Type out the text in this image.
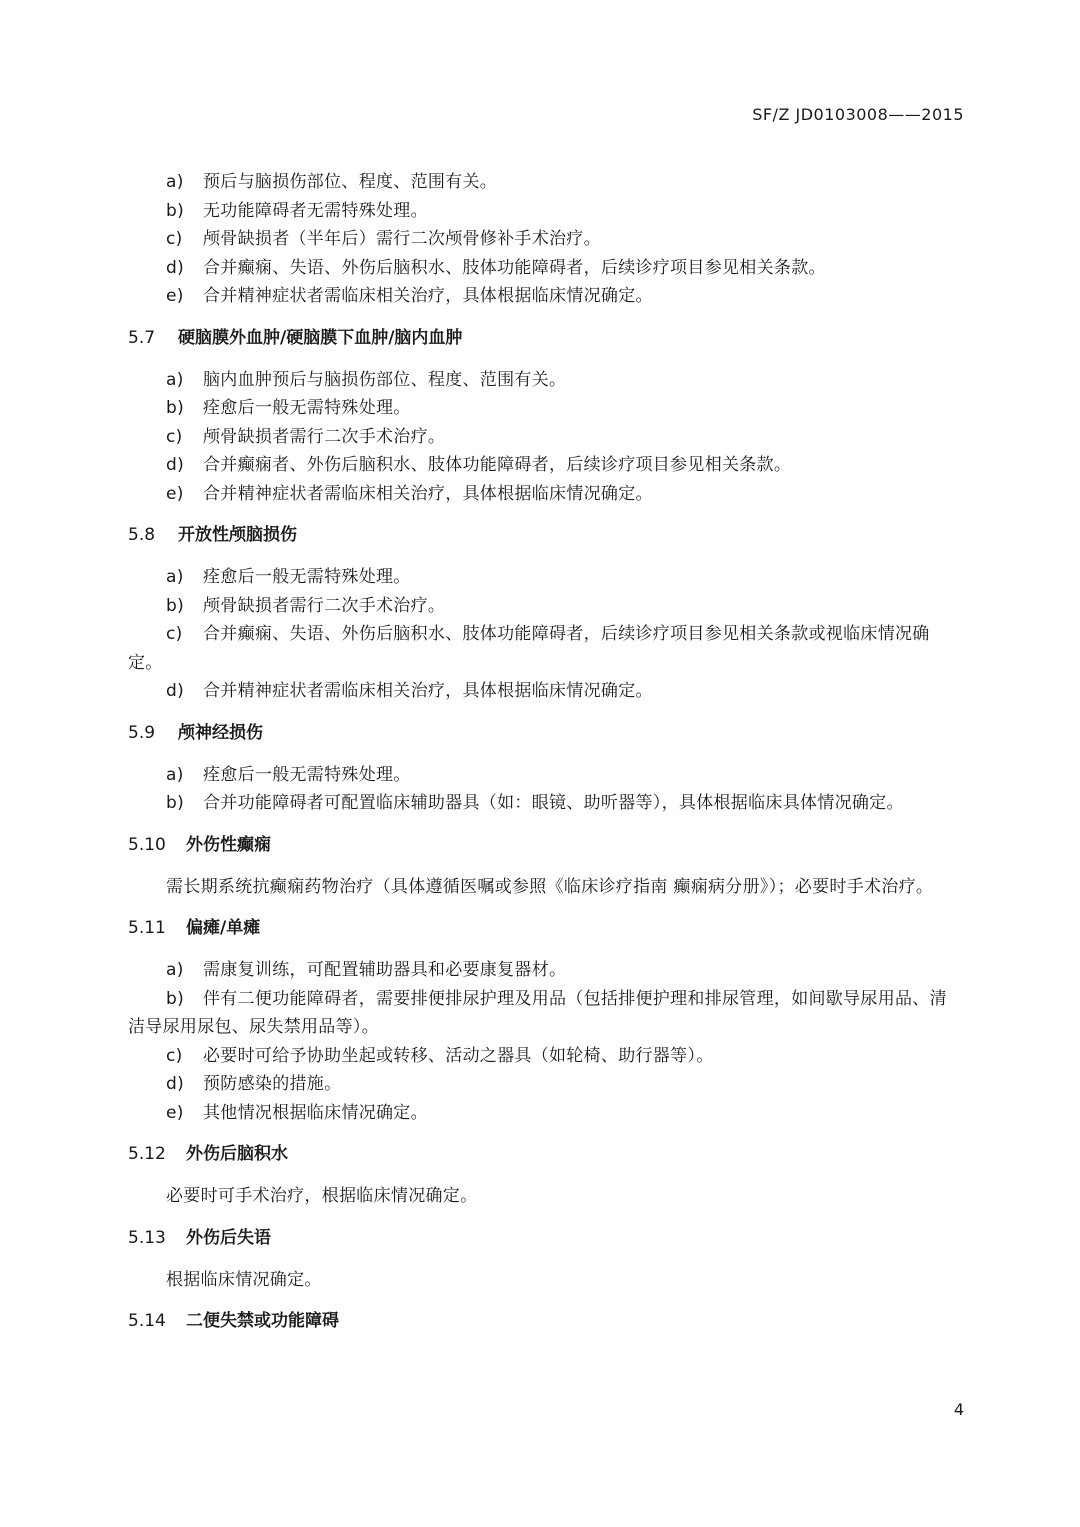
SF/Z JD0103008——2015

a) 预后与脑损伤部位、程度、范围有关。

b) 无功能障碍者无需特殊处理。

c) 颅骨缺损者（半年后）需行二次颅骨修补手术治疗。

d) 合并癫痫、失语、外伤后脑积水、肢体功能障碍者，后续诊疗项目参见相关条款。

e) 合并精神症状者需临床相关治疗，具体根据临床情况确定。

5.7 硬脑膜外血肿/硬脑膜下血肿/脑内血肿

a) 脑内血肿预后与脑损伤部位、程度、范围有关。

b) 痊愈后一般无需特殊处理。

c) 颅骨缺损者需行二次手术治疗。

d) 合并癫痫者、外伤后脑积水、肢体功能障碍者，后续诊疗项目参见相关条款。

e) 合并精神症状者需临床相关治疗，具体根据临床情况确定。

5.8 开放性颅脑损伤

a) 痊愈后一般无需特殊处理。

b) 颅骨缺损者需行二次手术治疗。

c) 合并癫痫、失语、外伤后脑积水、肢体功能障碍者，后续诊疗项目参见相关条款或视临床情况确定。

d) 合并精神症状者需临床相关治疗，具体根据临床情况确定。

5.9 颅神经损伤

a) 痊愈后一般无需特殊处理。

b) 合并功能障碍者可配置临床辅助器具（如：眼镜、助听器等），具体根据临床具体情况确定。

5.10 外伤性癫痫

需长期系统抗癫痫药物治疗（具体遵循医嘱或参照《临床诊疗指南 癫痫病分册》）；必要时手术治疗。

5.11 偏瘫/单瘫

a) 需康复训练，可配置辅助器具和必要康复器材。

b) 伴有二便功能障碍者，需要排便排尿护理及用品（包括排便护理和排尿管理，如间歇导尿用品、清洁导尿用尿包、尿失禁用品等）。

c) 必要时可给予协助坐起或转移、活动之器具（如轮椅、助行器等）。

d) 预防感染的措施。

e) 其他情况根据临床情况确定。

5.12 外伤后脑积水

必要时可手术治疗，根据临床情况确定。

5.13 外伤后失语

根据临床情况确定。

5.14 二便失禁或功能障碍
4
